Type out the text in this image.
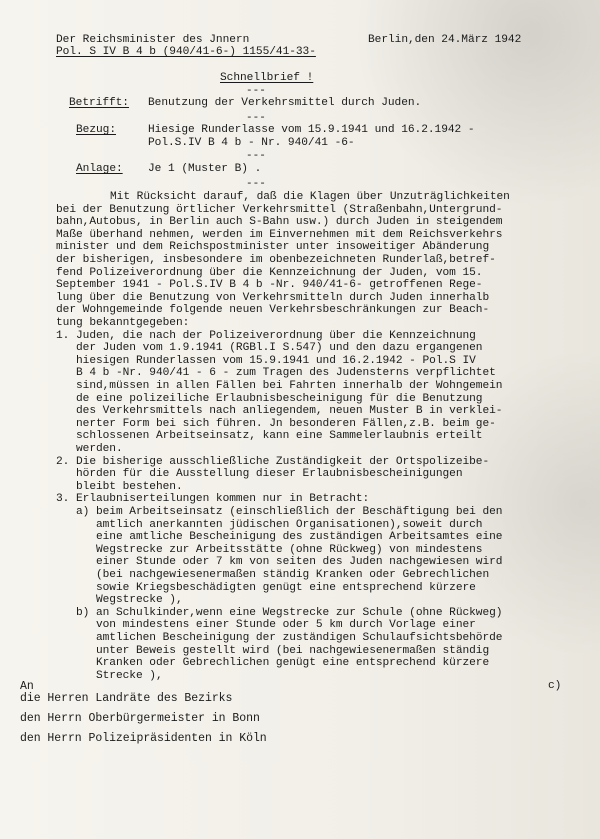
Der Reichsminister des Jnnern	Berlin,den 24.März 1942
Pol. S IV B 4 b (940/41-6-) 1155/41-33-
Schnellbrief !
---
Betrifft: Benutzung der Verkehrsmittel durch Juden.
---
Bezug:	Hiesige Runderlasse vom 15.9.1941 und 16.2.1942 -
Pol.S.IV B 4 b - Nr. 940/41 -6-
---
Anlage: Je 1 (Muster B) .
---
Mit Rücksicht darauf, daß die Klagen über Unzuträglichkeiten
bei der Benutzung örtlicher Verkehrsmittel (Straßenbahn,Untergrund-
bahn,Autobus, in Berlin auch S-Bahn usw.) durch Juden in steigendem
Maße überhand nehmen, werden im Einvernehmen mit dem Reichsverkehrs
minister und dem Reichspostminister unter insoweitiger Abänderung
der bisherigen, insbesondere im obenbezeichneten Runderlaß,betref-
fend Polizeiverordnung über die Kennzeichnung der Juden, vom 15.
September 1941 - Pol.S.IV B 4 b -Nr. 940/41-6- getroffenen Rege-
lung über die Benutzung von Verkehrsmitteln durch Juden innerhalb
der Wohngemeinde folgende neuen Verkehrsbeschränkungen zur Beach-
tung bekanntgegeben:
1. Juden, die nach der Polizeiverordnung über die Kennzeichnung
der Juden vom 1.9.1941 (RGBl.I S.547) und den dazu ergangenen
hiesigen Runderlassen vom 15.9.1941 und 16.2.1942 - Pol.S IV
B 4 b -Nr. 940/41 - 6 - zum Tragen des Judensterns verpflichtet
sind,müssen in allen Fällen bei Fahrten innerhalb der Wohngemein
de eine polizeiliche Erlaubnisbescheinigung für die Benutzung
des Verkehrsmittels nach anliegendem, neuen Muster B in verklei-
nerter Form bei sich führen. Jn besonderen Fällen,z.B. beim ge-
schlossenen Arbeitseinsatz, kann eine Sammelerlaubnis erteilt
werden.
2. Die bisherige ausschließliche Zuständigkeit der Ortspolizeibe-
hörden für die Ausstellung dieser Erlaubnisbescheinigungen
bleibt bestehen.
3. Erlaubniserteilungen kommen nur in Betracht:
a) beim Arbeitseinsatz (einschließlich der Beschäftigung bei den
amtlich anerkannten jüdischen Organisationen),soweit durch
eine amtliche Bescheinigung des zuständigen Arbeitsamtes eine
Wegstrecke zur Arbeitsstätte (ohne Rückweg) von mindestens
einer Stunde oder 7 km von seiten des Juden nachgewiesen wird
(bei nachgewiesenermaßen ständig Kranken oder Gebrechlichen
sowie Kriegsbeschädigten genügt eine entsprechend kürzere
Wegstrecke ),
b) an Schulkinder,wenn eine Wegstrecke zur Schule (ohne Rückweg)
von mindestens einer Stunde oder 5 km durch Vorlage einer
amtlichen Bescheinigung der zuständigen Schulaufsichtsbehörde
unter Beweis gestellt wird (bei nachgewiesenermaßen ständig
Kranken oder Gebrechlichen genügt eine entsprechend kürzere
Strecke ),
c)
An
die Herren Landräte des Bezirks
den Herrn Oberbürgermeister in Bonn
den Herrn Polizeipräsidenten in Köln
